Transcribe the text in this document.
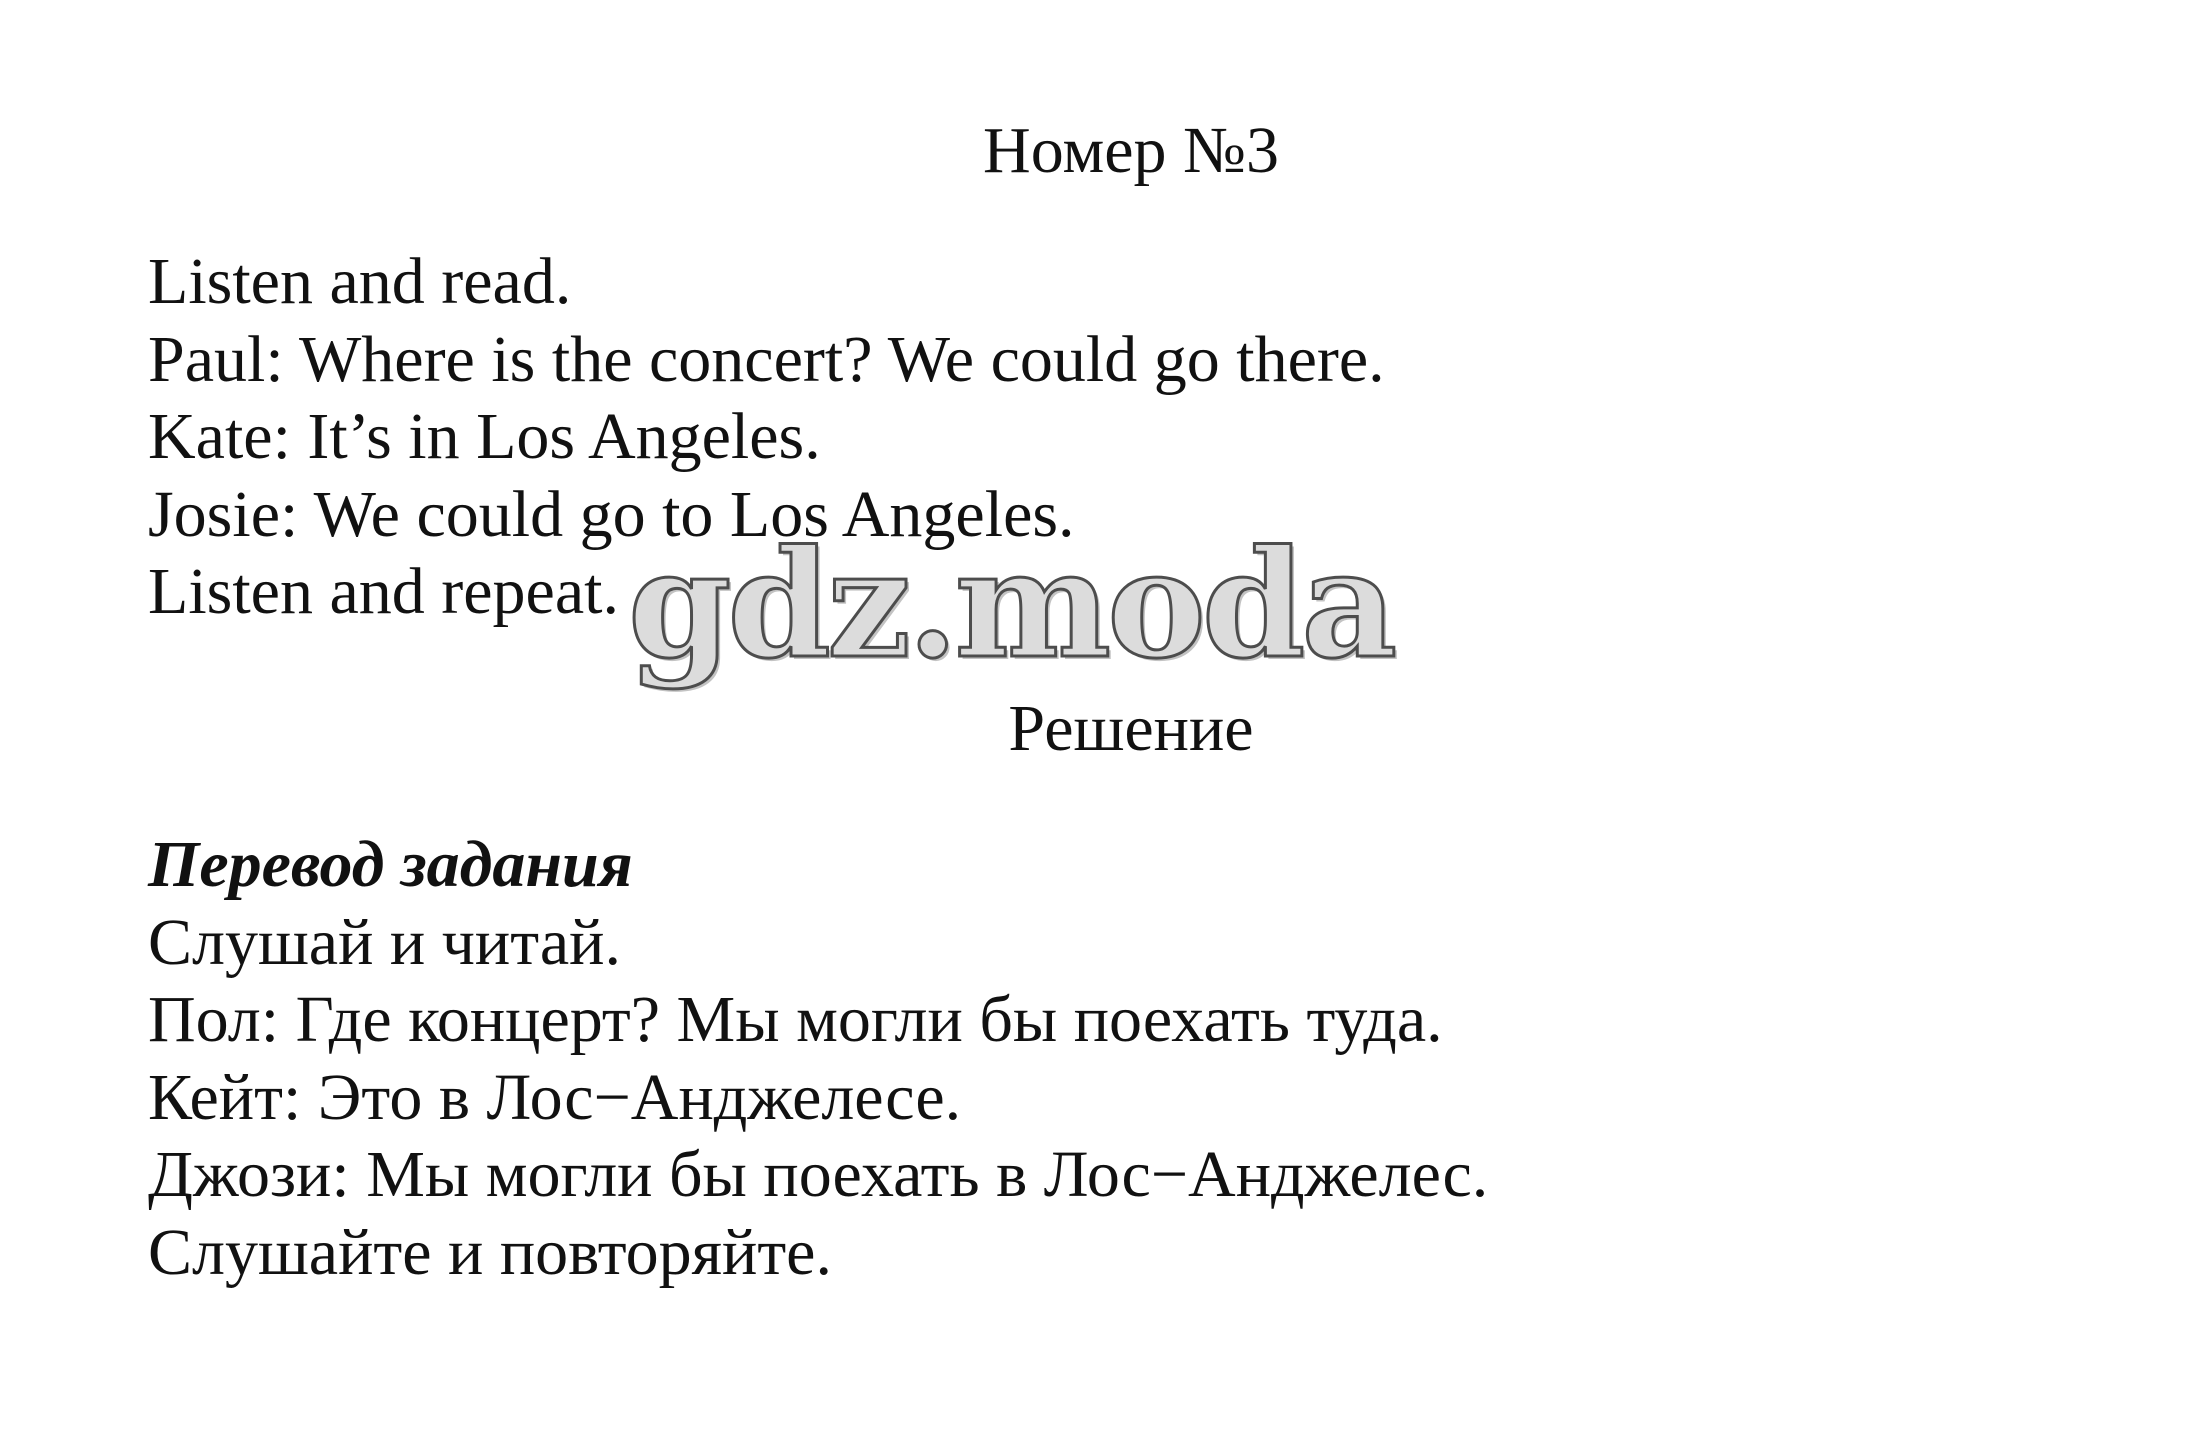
Номер №3
Listen and read.
Paul: Where is the concert? We could go there.
Kate: It’s in Los Angeles.
Josie: We could go to Los Angeles.
Listen and repeat. gdz.moda
Решение
Перевод задания
Слушай и читай.
Пол: Где концерт? Мы могли бы поехать туда.
Кейт: Это в Лос−Анджелесе.
Джози: Мы могли бы поехать в Лос−Анджелес.
Слушайте и повторяйте.
